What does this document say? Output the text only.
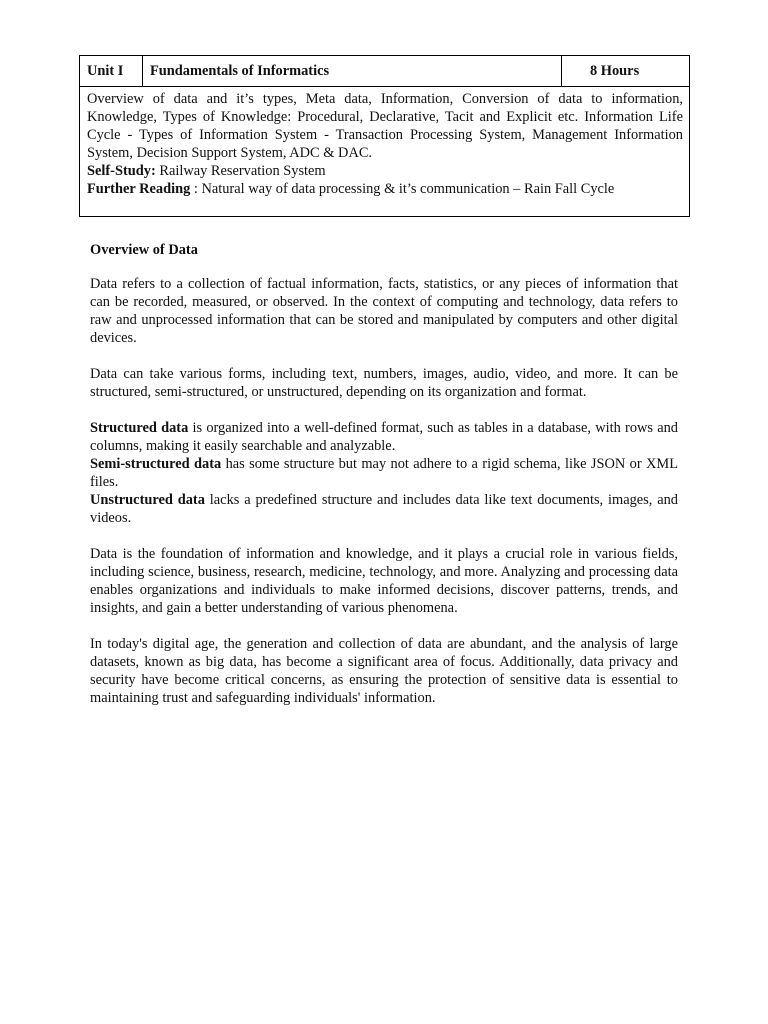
Unit I	Fundamentals of Informatics	8 Hours

Overview of data and it’s types, Meta data, Information, Conversion of data to information, Knowledge, Types of Knowledge: Procedural, Declarative, Tacit and Explicit etc. Information Life Cycle - Types of Information System - Transaction Processing System, Management Information System, Decision Support System, ADC & DAC.

Self-Study: Railway Reservation System

Further Reading : Natural way of data processing & it’s communication – Rain Fall Cycle

Overview of Data

Data refers to a collection of factual information, facts, statistics, or any pieces of information that can be recorded, measured, or observed. In the context of computing and technology, data refers to raw and unprocessed information that can be stored and manipulated by computers and other digital devices.

Data can take various forms, including text, numbers, images, audio, video, and more. It can be structured, semi-structured, or unstructured, depending on its organization and format.

Structured data is organized into a well-defined format, such as tables in a database, with rows and columns, making it easily searchable and analyzable.

Semi-structured data has some structure but may not adhere to a rigid schema, like JSON or XML files.

Unstructured data lacks a predefined structure and includes data like text documents, images, and videos.

Data is the foundation of information and knowledge, and it plays a crucial role in various fields, including science, business, research, medicine, technology, and more. Analyzing and processing data enables organizations and individuals to make informed decisions, discover patterns, trends, and insights, and gain a better understanding of various phenomena.

In today's digital age, the generation and collection of data are abundant, and the analysis of large datasets, known as big data, has become a significant area of focus. Additionally, data privacy and security have become critical concerns, as ensuring the protection of sensitive data is essential to maintaining trust and safeguarding individuals' information.
